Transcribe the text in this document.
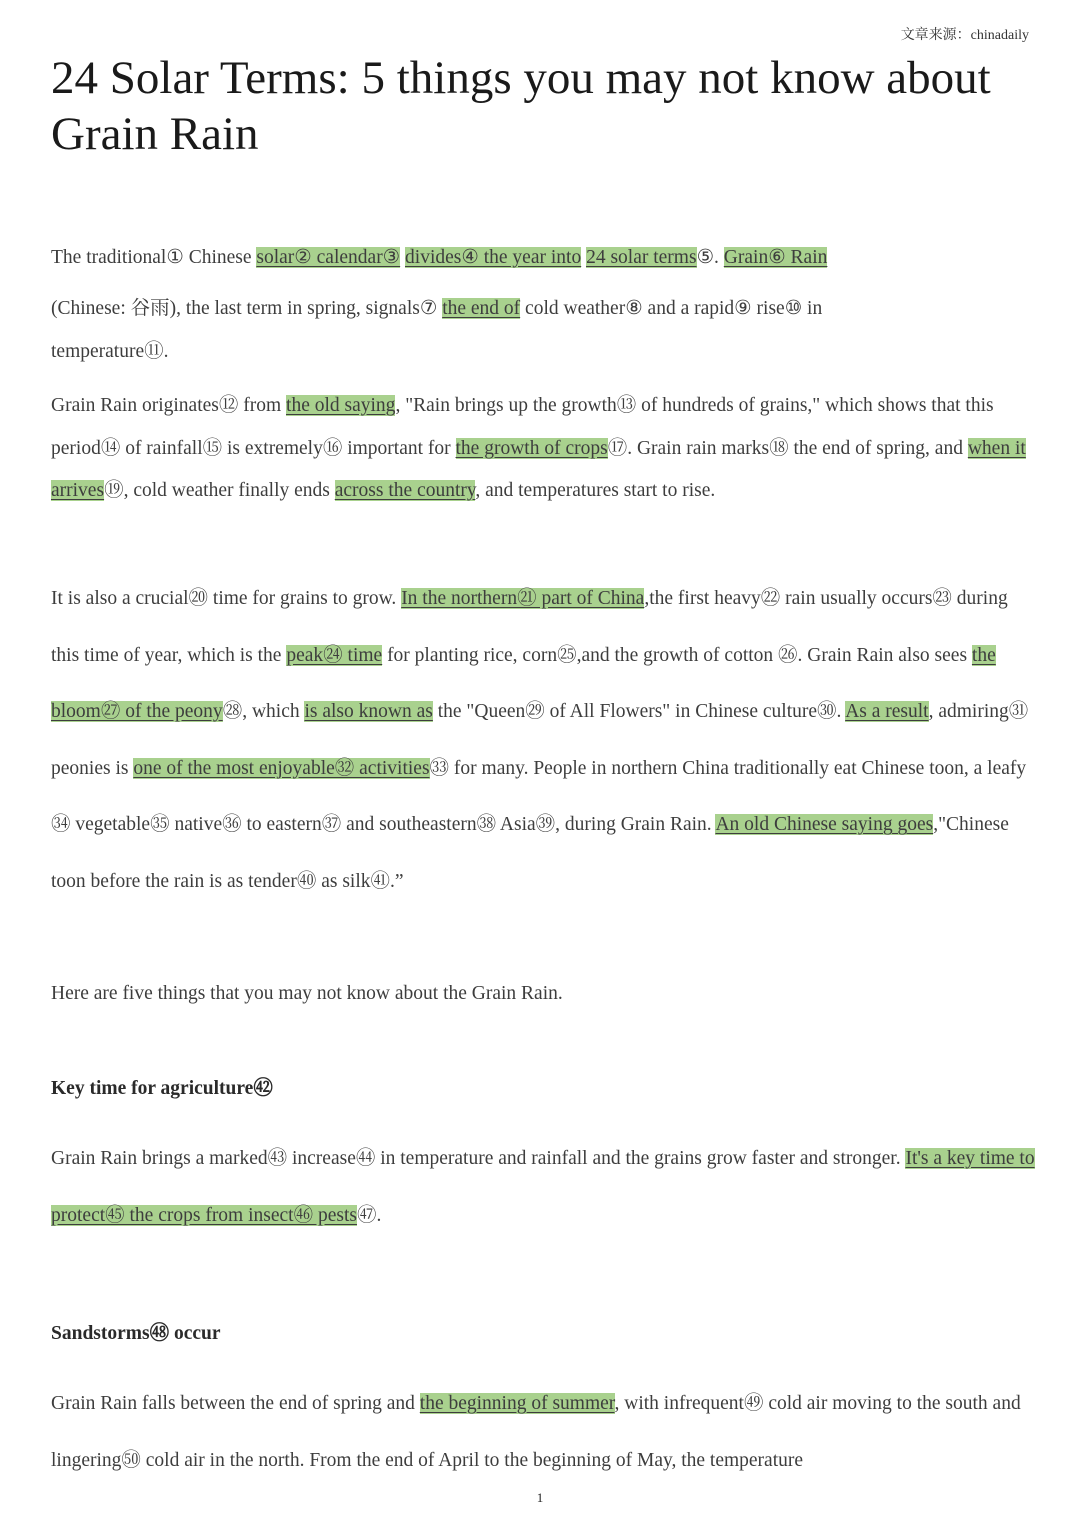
文章来源：chinadaily
24 Solar Terms: 5 things you may not know about Grain Rain

The traditional① Chinese solar② calendar③ divides④ the year into 24 solar terms⑤. Grain⑥ Rain
(Chinese: 谷雨), the last term in spring, signals⑦ the end of cold weather⑧ and a rapid⑨ rise⑩ in
temperature⑪.

Grain Rain originates⑫ from the old saying, "Rain brings up the growth⑬ of hundreds of grains," which shows that this period⑭ of rainfall⑮ is extremely⑯ important for the growth of crops⑰. Grain rain marks⑱ the end of spring, and when it arrives⑲, cold weather finally ends across the country, and temperatures start to rise.

It is also a crucial⑳ time for grains to grow. In the northern㉑ part of China,the first heavy㉒ rain usually occurs㉓ during this time of year, which is the peak㉔ time for planting rice, corn㉕,and the growth of cotton ㉖. Grain Rain also sees the bloom㉗ of the peony㉘, which is also known as the "Queen㉙ of All Flowers" in Chinese culture㉚. As a result, admiring㉛ peonies is one of the most enjoyable㉜ activities㉝ for many. People in northern China traditionally eat Chinese toon, a leafy㉞ vegetable㉟ native㊱ to eastern㊲ and southeastern㊳ Asia㊴, during Grain Rain. An old Chinese saying goes,"Chinese toon before the rain is as tender㊵ as silk㊶.”

Here are five things that you may not know about the Grain Rain.

Key time for agriculture㊷

Grain Rain brings a marked㊸ increase㊹ in temperature and rainfall and the grains grow faster and stronger. It's a key time to protect㊺ the crops from insect㊻ pests㊼.

Sandstorms㊽ occur

Grain Rain falls between the end of spring and the beginning of summer, with infrequent㊾ cold air moving to the south and lingering㊿ cold air in the north. From the end of April to the beginning of May, the temperature

1
